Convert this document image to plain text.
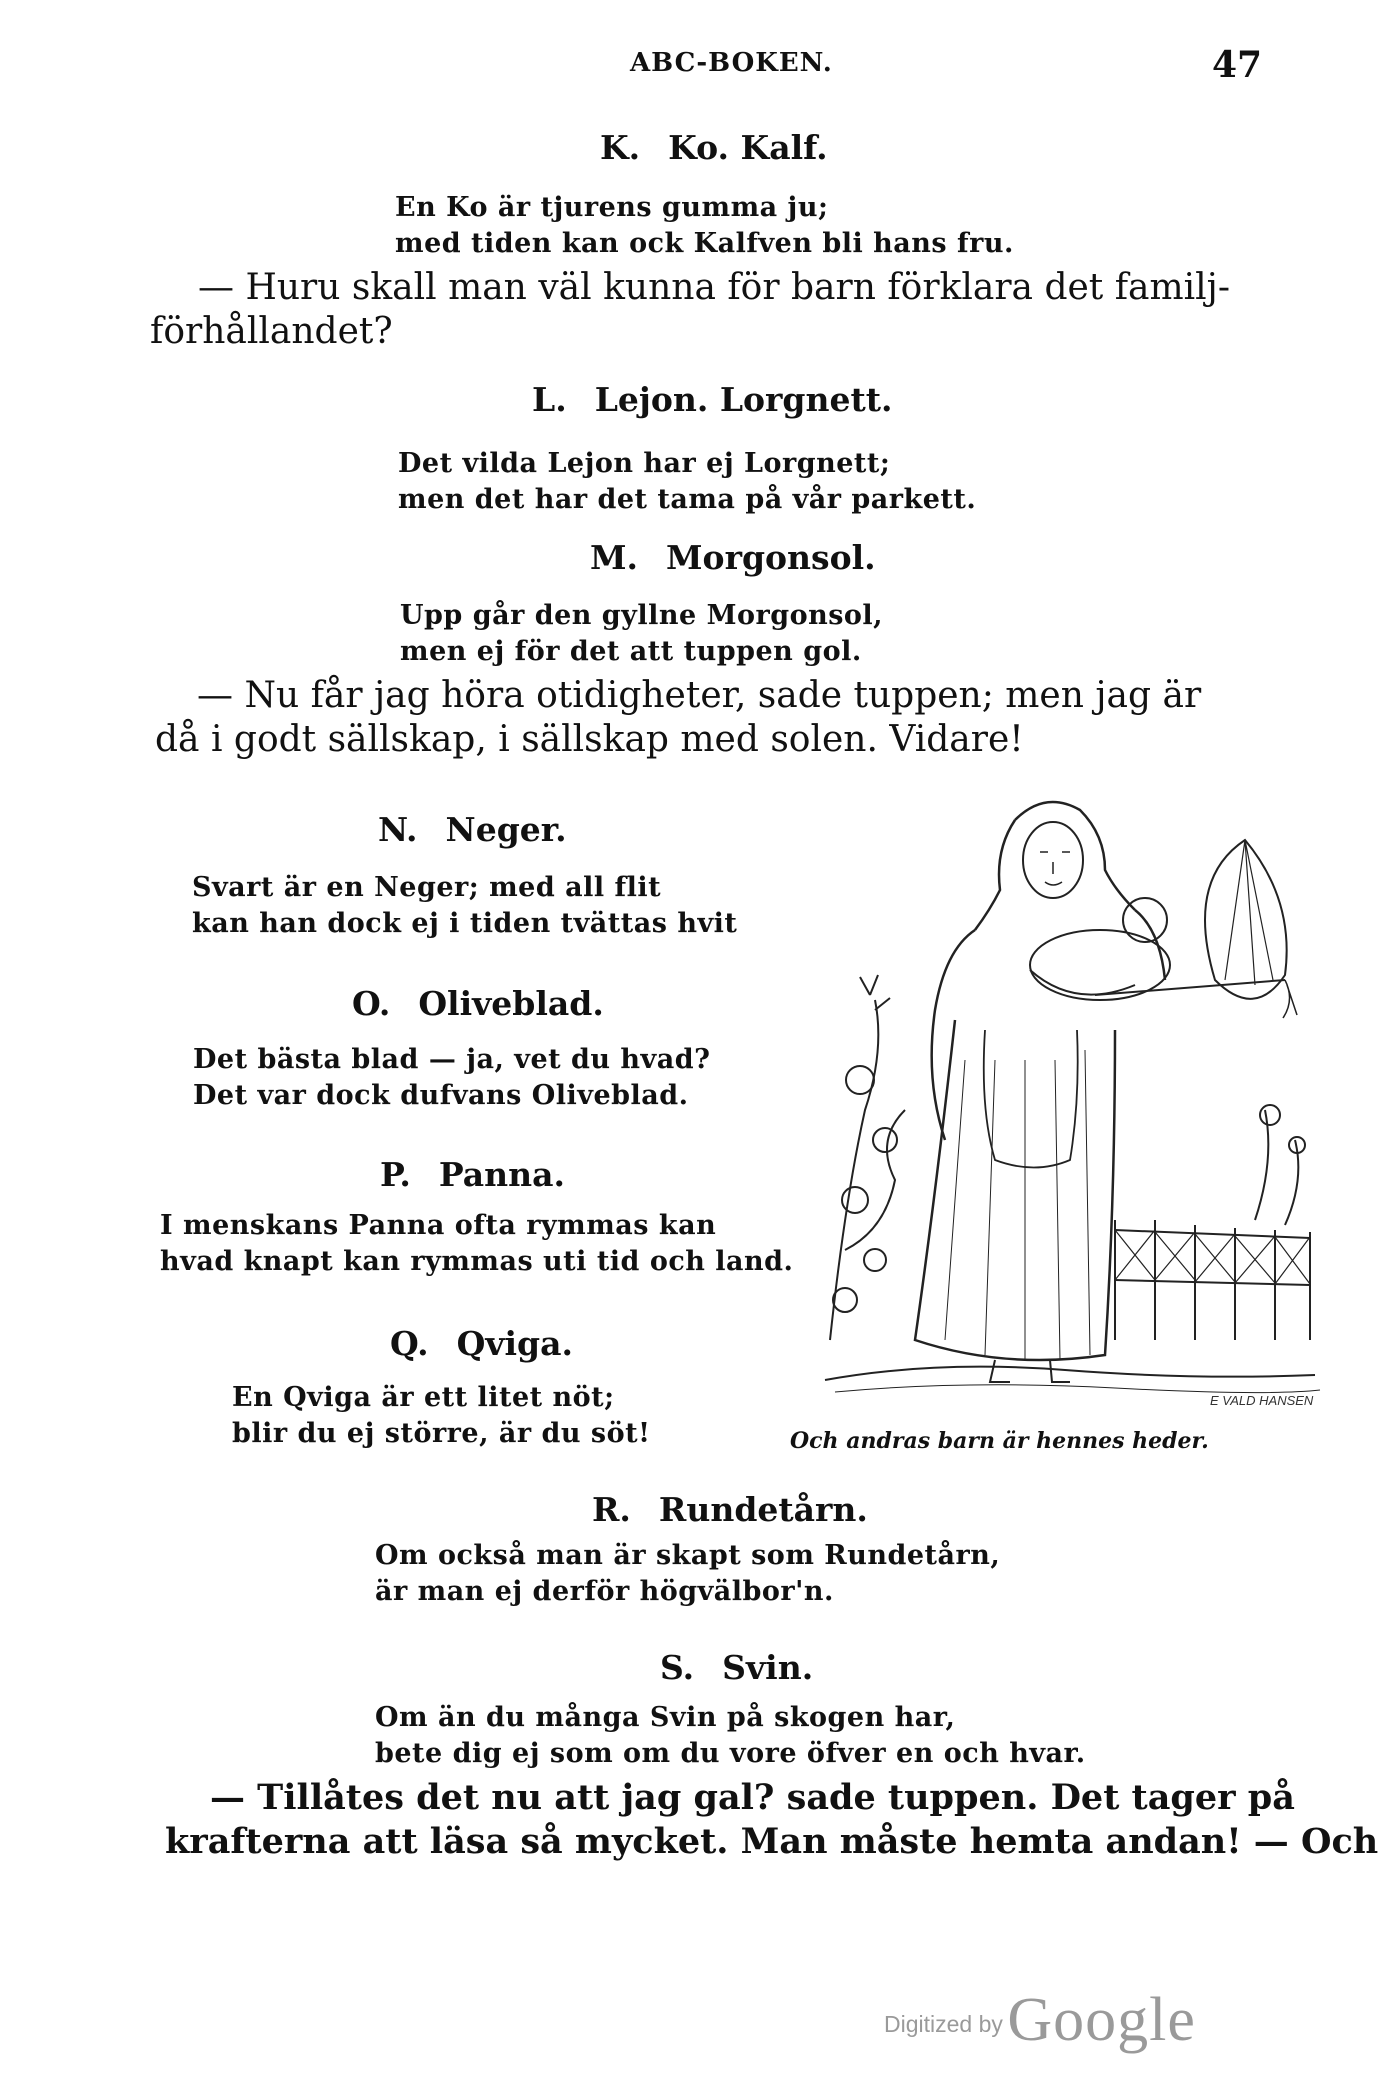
ABC-BOKEN.	47
K. Ko. Kalf.
En Ko är tjurens gumma ju;
med tiden kan ock Kalfven bli hans fru.
— Huru skall man väl kunna för barn förklara det familj-
förhållandet?
L. Lejon. Lorgnett.
Det vilda Lejon har ej Lorgnett;
men det har det tama på vår parkett.
M. Morgonsol.
Upp går den gyllne Morgonsol,
men ej för det att tuppen gol.
— Nu får jag höra otidigheter, sade tuppen; men jag är
då i godt sällskap, i sällskap med solen. Vidare!
N. Neger.
Svart är en Neger; med all flit
kan han dock ej i tiden tvättas hvit
O. Oliveblad.
Det bästa blad — ja, vet du hvad?
Det var dock dufvans Oliveblad.
P. Panna.
I menskans Panna ofta rymmas kan
hvad knapt kan rymmas uti tid och land.
Q. Qviga.
En Qviga är ett litet nöt;
blir du ej större, är du söt!
E VALD HANSEN
Och andras barn är hennes heder.
R. Rundetårn.
Om också man är skapt som Rundetårn,
är man ej derför högvälbor'n.
S. Svin.
Om än du många Svin på skogen har,
bete dig ej som om du vore öfver en och hvar.
— Tillåtes det nu att jag gal? sade tuppen. Det tager på
krafterna att läsa så mycket. Man måste hemta andan! — Och
Digitized by Google
